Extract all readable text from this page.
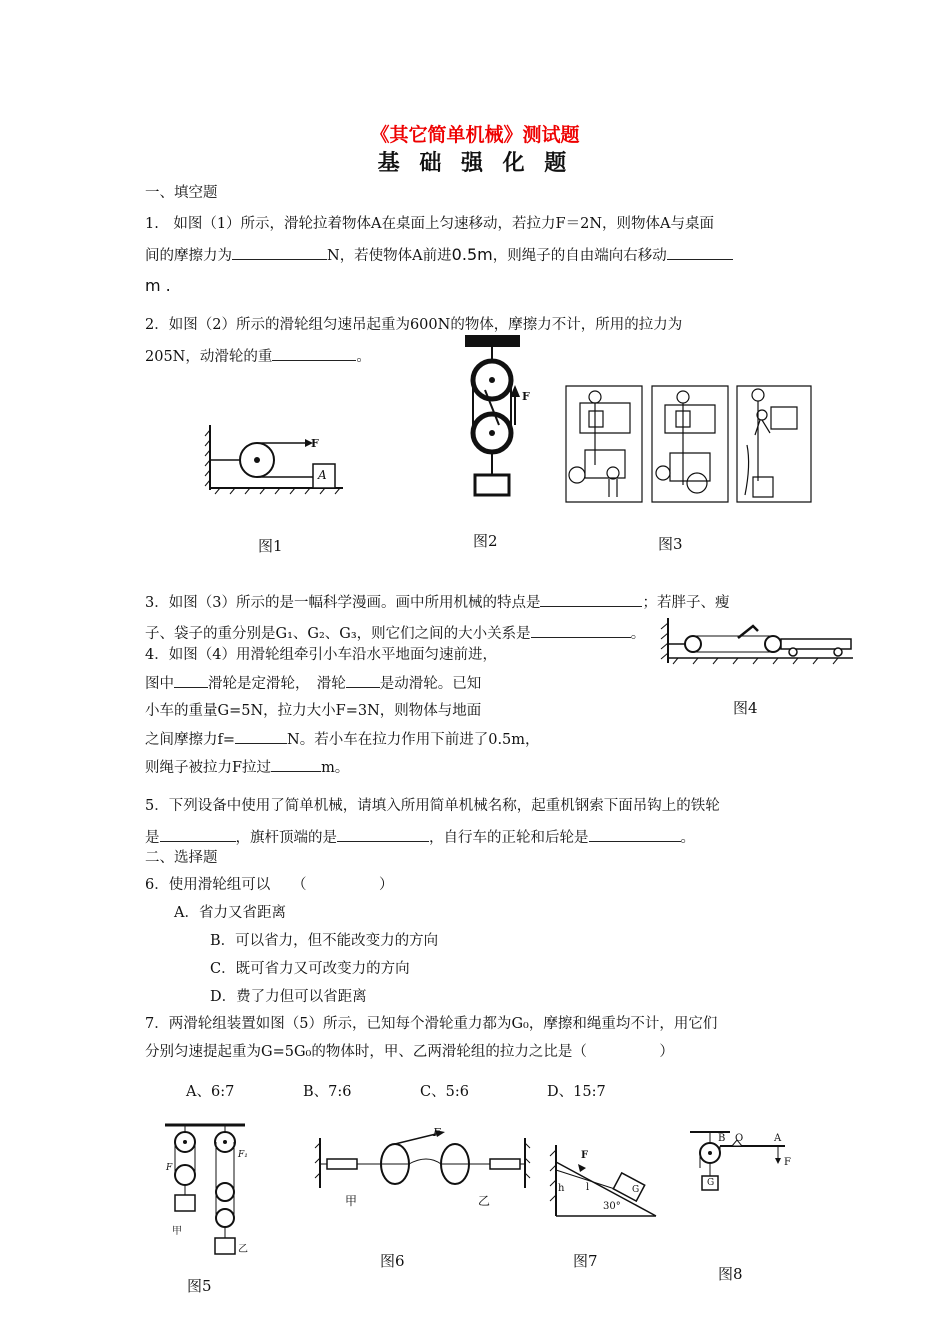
《其它简单机械》测试题
基 础 强 化 题
一、填空题
1.　如图（1）所示，滑轮拉着物体A在桌面上匀速移动，若拉力F＝2N，则物体A与桌面
间的摩擦力为	N，若使物体A前进0.5m，则绳子的自由端向右移动
m .
2．如图（2）所示的滑轮组匀速吊起重为600N的物体，摩擦力不计，所用的拉力为
205N，动滑轮的重	。
F
A
图1
F
图2	图3
3．如图（3）所示的是一幅科学漫画。画中所用机械的特点是	；若胖子、瘦
子、袋子的重分别是G₁、G₂、G₃，则它们之间的大小关系是	。
图4
4．如图（4）用滑轮组牵引小车沿水平地面匀速前进，
图中 滑轮是定滑轮，　滑轮 是动滑轮。已知
小车的重量G=5N，拉力大小F=3N，则物体与地面
之间摩擦力f=	N。若小车在拉力作用下前进了0.5m，
则绳子被拉力F拉过	m。
5．下列设备中使用了简单机械，请填入所用简单机械名称，起重机钢索下面吊钩上的铁轮
是	，旗杆顶端的是	，自行车的正轮和后轮是	。
二、选择题
6．使用滑轮组可以　　（　　　　　）
A．省力又省距离
B．可以省力，但不能改变力的方向
C．既可省力又可改变力的方向
D．费了力但可以省距离
7．两滑轮组装置如图（5）所示，已知每个滑轮重力都为G₀，摩擦和绳重均不计，用它们
分别匀速提起重为G=5G₀的物体时，甲、乙两滑轮组的拉力之比是（　　　　　）
A、6:7	B、7:6	C、5:6	D、15:7
甲
乙
F
F₁
图5
F
甲	乙
图6
F
h l
30°
G
图7
B O	A
F
G
图8
